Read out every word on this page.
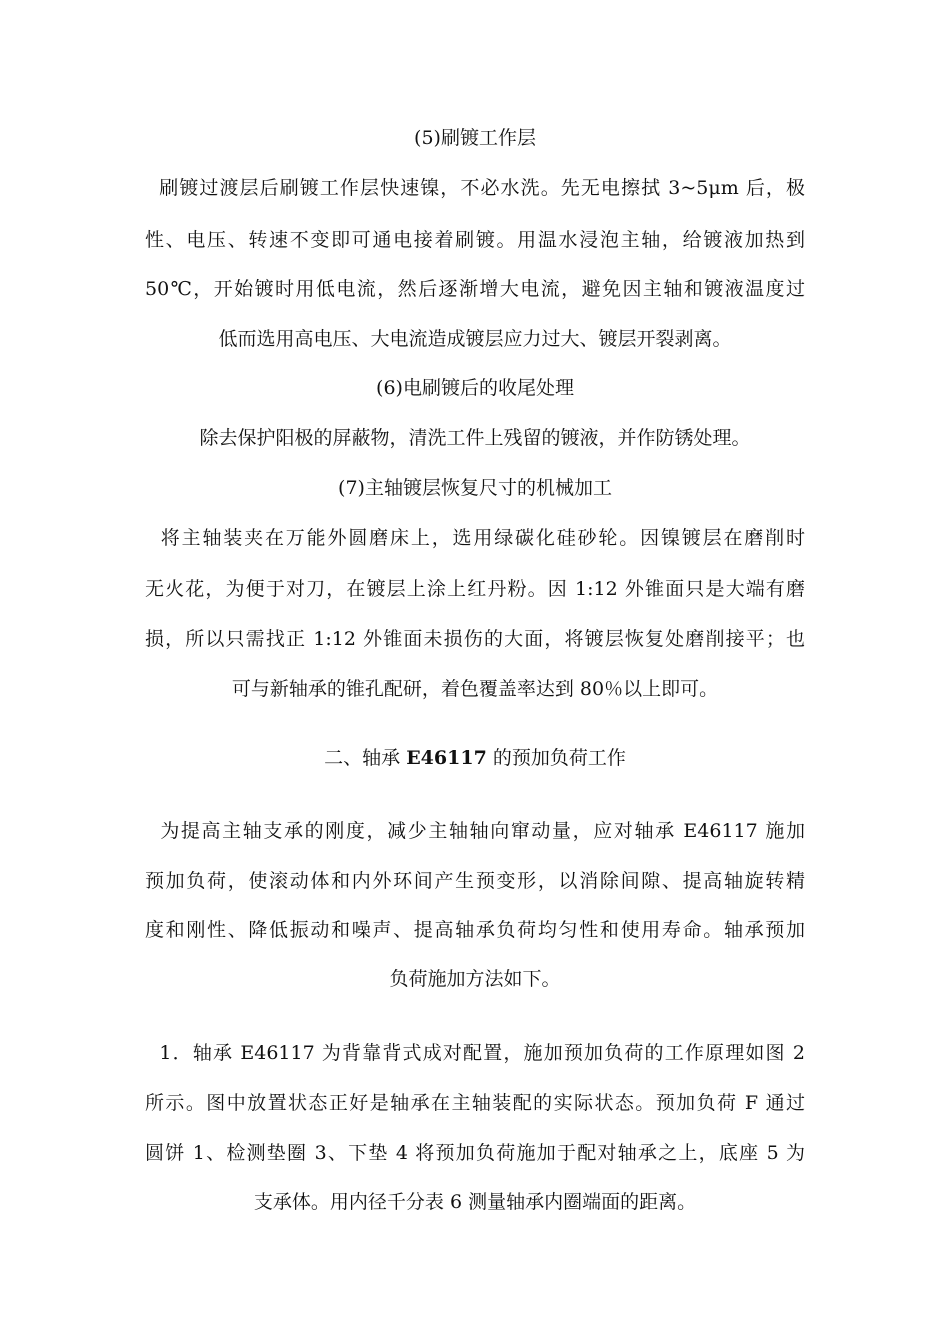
(5)刷镀工作层
刷镀过渡层后刷镀工作层快速镍，不必水洗。先无电擦拭 3~5μm 后，极
性、电压、转速不变即可通电接着刷镀。用温水浸泡主轴，给镀液加热到
50℃，开始镀时用低电流，然后逐渐增大电流，避免因主轴和镀液温度过
低而选用高电压、大电流造成镀层应力过大、镀层开裂剥离。
(6)电刷镀后的收尾处理
除去保护阳极的屏蔽物，清洗工件上残留的镀液，并作防锈处理。
(7)主轴镀层恢复尺寸的机械加工
将主轴装夹在万能外圆磨床上，选用绿碳化硅砂轮。因镍镀层在磨削时
无火花，为便于对刀，在镀层上涂上红丹粉。因 1:12 外锥面只是大端有磨
损，所以只需找正 1:12 外锥面未损伤的大面，将镀层恢复处磨削接平；也
可与新轴承的锥孔配研，着色覆盖率达到 80％以上即可。
二、轴承 E46117 的预加负荷工作
为提高主轴支承的刚度，减少主轴轴向窜动量，应对轴承 E46117 施加
预加负荷，使滚动体和内外环间产生预变形，以消除间隙、提高轴旋转精
度和刚性、降低振动和噪声、提高轴承负荷均匀性和使用寿命。轴承预加
负荷施加方法如下。
1．轴承 E46117 为背靠背式成对配置，施加预加负荷的工作原理如图 2
所示。图中放置状态正好是轴承在主轴装配的实际状态。预加负荷 F 通过
圆饼 1、检测垫圈 3、下垫 4 将预加负荷施加于配对轴承之上，底座 5 为
支承体。用内径千分表 6 测量轴承内圈端面的距离。
